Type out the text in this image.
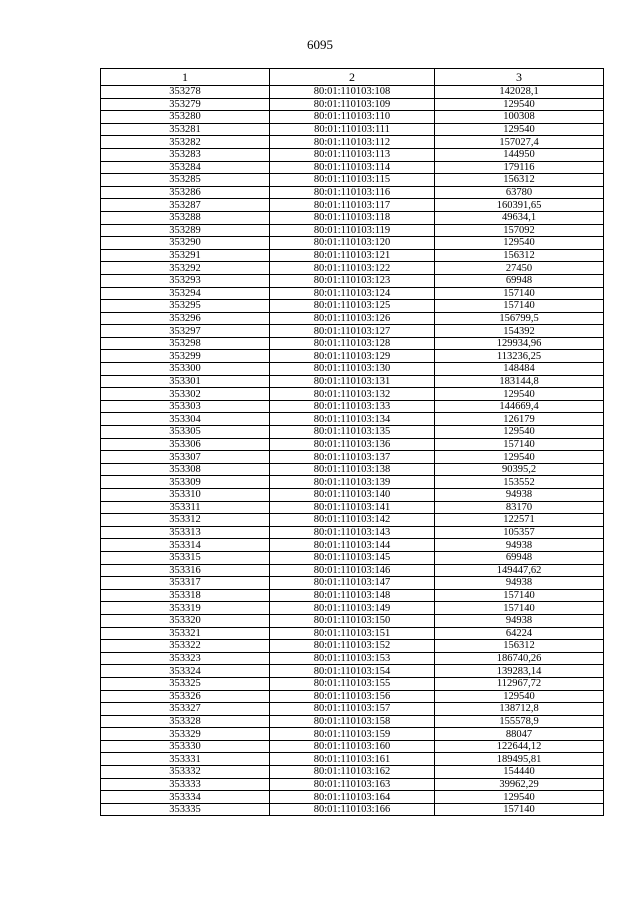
6095
1	2	3
353278	80:01:110103:108	142028,1
353279	80:01:110103:109	129540
353280	80:01:110103:110	100308
353281	80:01:110103:111	129540
353282	80:01:110103:112	157027,4
353283	80:01:110103:113	144950
353284	80:01:110103:114	179116
353285	80:01:110103:115	156312
353286	80:01:110103:116	63780
353287	80:01:110103:117	160391,65
353288	80:01:110103:118	49634,1
353289	80:01:110103:119	157092
353290	80:01:110103:120	129540
353291	80:01:110103:121	156312
353292	80:01:110103:122	27450
353293	80:01:110103:123	69948
353294	80:01:110103:124	157140
353295	80:01:110103:125	157140
353296	80:01:110103:126	156799,5
353297	80:01:110103:127	154392
353298	80:01:110103:128	129934,96
353299	80:01:110103:129	113236,25
353300	80:01:110103:130	148484
353301	80:01:110103:131	183144,8
353302	80:01:110103:132	129540
353303	80:01:110103:133	144669,4
353304	80:01:110103:134	126179
353305	80:01:110103:135	129540
353306	80:01:110103:136	157140
353307	80:01:110103:137	129540
353308	80:01:110103:138	90395,2
353309	80:01:110103:139	153552
353310	80:01:110103:140	94938
353311	80:01:110103:141	83170
353312	80:01:110103:142	122571
353313	80:01:110103:143	105357
353314	80:01:110103:144	94938
353315	80:01:110103:145	69948
353316	80:01:110103:146	149447,62
353317	80:01:110103:147	94938
353318	80:01:110103:148	157140
353319	80:01:110103:149	157140
353320	80:01:110103:150	94938
353321	80:01:110103:151	64224
353322	80:01:110103:152	156312
353323	80:01:110103:153	186740,26
353324	80:01:110103:154	139283,14
353325	80:01:110103:155	112967,72
353326	80:01:110103:156	129540
353327	80:01:110103:157	138712,8
353328	80:01:110103:158	155578,9
353329	80:01:110103:159	88047
353330	80:01:110103:160	122644,12
353331	80:01:110103:161	189495,81
353332	80:01:110103:162	154440
353333	80:01:110103:163	39962,29
353334	80:01:110103:164	129540
353335	80:01:110103:166	157140
